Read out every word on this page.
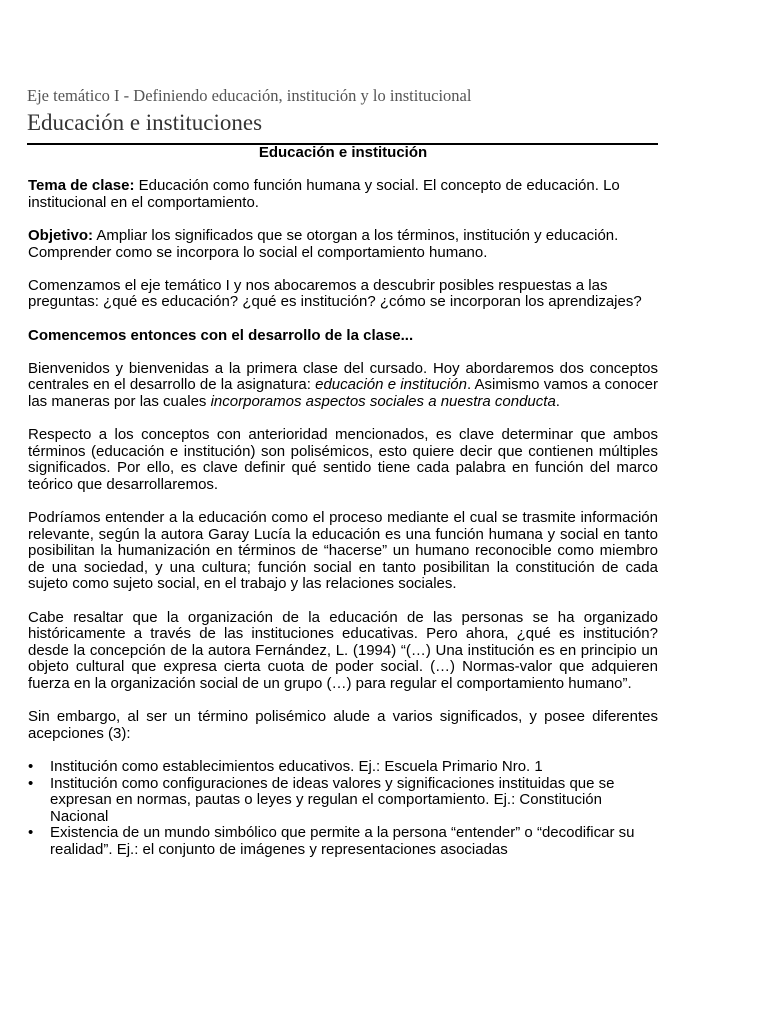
Eje temático I - Definiendo educación, institución y lo institucional

Educación e instituciones

Educación e institución

Tema de clase: Educación como función humana y social. El concepto de educación. Lo institucional en el comportamiento.

Objetivo: Ampliar los significados que se otorgan a los términos, institución y educación. Comprender como se incorpora lo social el comportamiento humano.

Comenzamos el eje temático I y nos abocaremos a descubrir posibles respuestas a las preguntas: ¿qué es educación? ¿qué es institución? ¿cómo se incorporan los aprendizajes?

Comencemos entonces con el desarrollo de la clase...

Bienvenidos y bienvenidas a la primera clase del cursado. Hoy abordaremos dos conceptos centrales en el desarrollo de la asignatura: educación e institución. Asimismo vamos a conocer las maneras por las cuales incorporamos aspectos sociales a nuestra conducta.

Respecto a los conceptos con anterioridad mencionados, es clave determinar que ambos términos (educación e institución) son polisémicos, esto quiere decir que contienen múltiples significados. Por ello, es clave definir qué sentido tiene cada palabra en función del marco teórico que desarrollaremos.

Podríamos entender a la educación como el proceso mediante el cual se trasmite información relevante, según la autora Garay Lucía la educación es una función humana y social en tanto posibilitan la humanización en términos de “hacerse” un humano reconocible como miembro de una sociedad, y una cultura; función social en tanto posibilitan la constitución de cada sujeto como sujeto social, en el trabajo y las relaciones sociales.

Cabe resaltar que la organización de la educación de las personas se ha organizado históricamente a través de las instituciones educativas. Pero ahora, ¿qué es institución? desde la concepción de la autora Fernández, L. (1994) “(…) Una institución es en principio un objeto cultural que expresa cierta cuota de poder social. (…) Normas-valor que adquieren fuerza en la organización social de un grupo (…) para regular el comportamiento humano”.

Sin embargo, al ser un término polisémico alude a varios significados, y posee diferentes acepciones (3):

•	Institución como establecimientos educativos. Ej.: Escuela Primario Nro. 1
•	Institución como configuraciones de ideas valores y significaciones instituidas que se expresan en normas, pautas o leyes y regulan el comportamiento. Ej.: Constitución Nacional
•	Existencia de un mundo simbólico que permite a la persona “entender” o “decodificar su realidad”. Ej.: el conjunto de imágenes y representaciones asociadas
